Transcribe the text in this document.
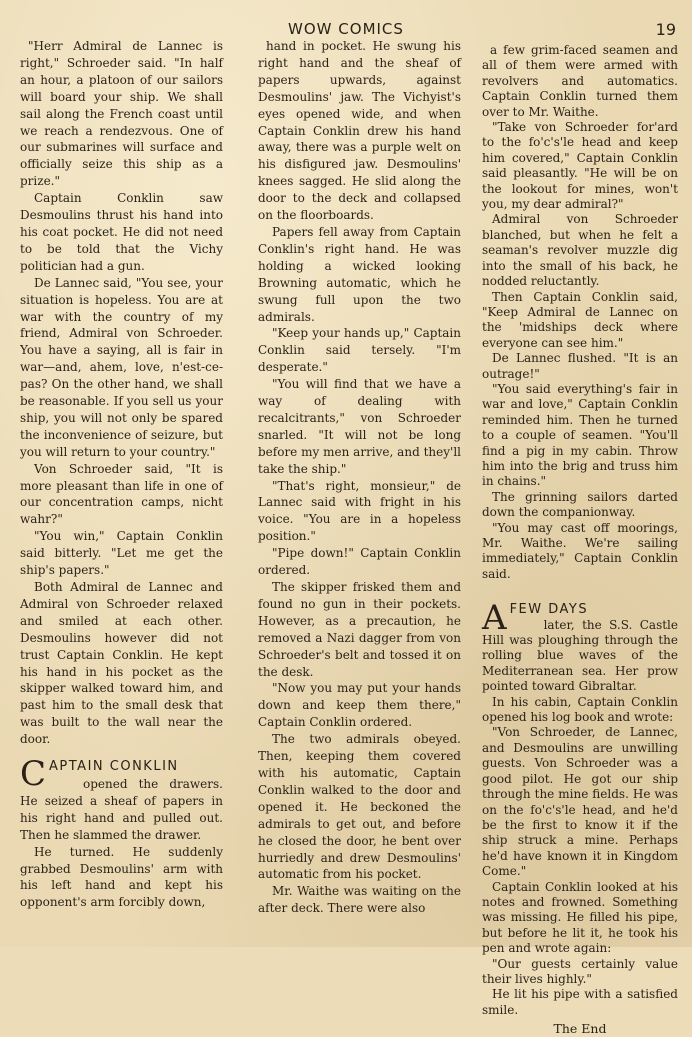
WOW COMICS	19

"Herr Admiral de Lannec is right," Schroeder said. "In half an hour, a platoon of our sailors will board your ship. We shall sail along the French coast until we reach a rendezvous. One of our submarines will surface and officially seize this ship as a prize."

Captain Conklin saw Desmoulins thrust his hand into his coat pocket. He did not need to be told that the Vichy politician had a gun.

De Lannec said, "You see, your situation is hopeless. You are at war with the country of my friend, Admiral von Schroeder. You have a saying, all is fair in war—and, ahem, love, n'est-ce-pas? On the other hand, we shall be reasonable. If you sell us your ship, you will not only be spared the inconvenience of seizure, but you will return to your country."

Von Schroeder said, "It is more pleasant than life in one of our concentration camps, nicht wahr?"

"You win," Captain Conklin said bitterly. "Let me get the ship's papers."

Both Admiral de Lannec and Admiral von Schroeder relaxed and smiled at each other. Desmoulins however did not trust Captain Conklin. He kept his hand in his pocket as the skipper walked toward him, and past him to the small desk that was built to the wall near the door.

C APTAIN CONKLIN

opened the drawers. He seized a sheaf of papers in his right hand and pulled out. Then he slammed the drawer.

He turned. He suddenly grabbed Desmoulins' arm with his left hand and kept his opponent's arm forcibly down,

hand in pocket. He swung his right hand and the sheaf of papers upwards, against Desmoulins' jaw. The Vichyist's eyes opened wide, and when Captain Conklin drew his hand away, there was a purple welt on his disfigured jaw. Desmoulins' knees sagged. He slid along the door to the deck and collapsed on the floorboards.

Papers fell away from Captain Conklin's right hand. He was holding a wicked looking Browning automatic, which he swung full upon the two admirals.

"Keep your hands up," Captain Conklin said tersely. "I'm desperate."

"You will find that we have a way of dealing with recalcitrants," von Schroeder snarled. "It will not be long before my men arrive, and they'll take the ship."

"That's right, monsieur," de Lannec said with fright in his voice. "You are in a hopeless position."

"Pipe down!" Captain Conklin ordered.

The skipper frisked them and found no gun in their pockets. However, as a precaution, he removed a Nazi dagger from von Schroeder's belt and tossed it on the desk.

"Now you may put your hands down and keep them there," Captain Conklin ordered.

The two admirals obeyed. Then, keeping them covered with his automatic, Captain Conklin walked to the door and opened it. He beckoned the admirals to get out, and before he closed the door, he bent over hurriedly and drew Desmoulins' automatic from his pocket.

Mr. Waithe was waiting on the after deck. There were also

a few grim-faced seamen and all of them were armed with revolvers and automatics. Captain Conklin turned them over to Mr. Waithe.

"Take von Schroeder for'ard to the fo'c's'le head and keep him covered," Captain Conklin said pleasantly. "He will be on the lookout for mines, won't you, my dear admiral?"

Admiral von Schroeder blanched, but when he felt a seaman's revolver muzzle dig into the small of his back, he nodded reluctantly.

Then Captain Conklin said, "Keep Admiral de Lannec on the 'midships deck where everyone can see him."

De Lannec flushed. "It is an outrage!"

"You said everything's fair in war and love," Captain Conklin reminded him. Then he turned to a couple of seamen. "You'll find a pig in my cabin. Throw him into the brig and truss him in chains."

The grinning sailors darted down the companionway.

"You may cast off moorings, Mr. Waithe. We're sailing immediately," Captain Conklin said.

A FEW DAYS

later, the S.S. Castle Hill was ploughing through the rolling blue waves of the Mediterranean sea. Her prow pointed toward Gibraltar.

In his cabin, Captain Conklin opened his log book and wrote:

"Von Schroeder, de Lannec, and Desmoulins are unwilling guests. Von Schroeder was a good pilot. He got our ship through the mine fields. He was on the fo'c's'le head, and he'd be the first to know it if the ship struck a mine. Perhaps he'd have known it in Kingdom Come."

Captain Conklin looked at his notes and frowned. Something was missing. He filled his pipe, but before he lit it, he took his pen and wrote again:

"Our guests certainly value their lives highly."

He lit his pipe with a satisfied smile.

The End
